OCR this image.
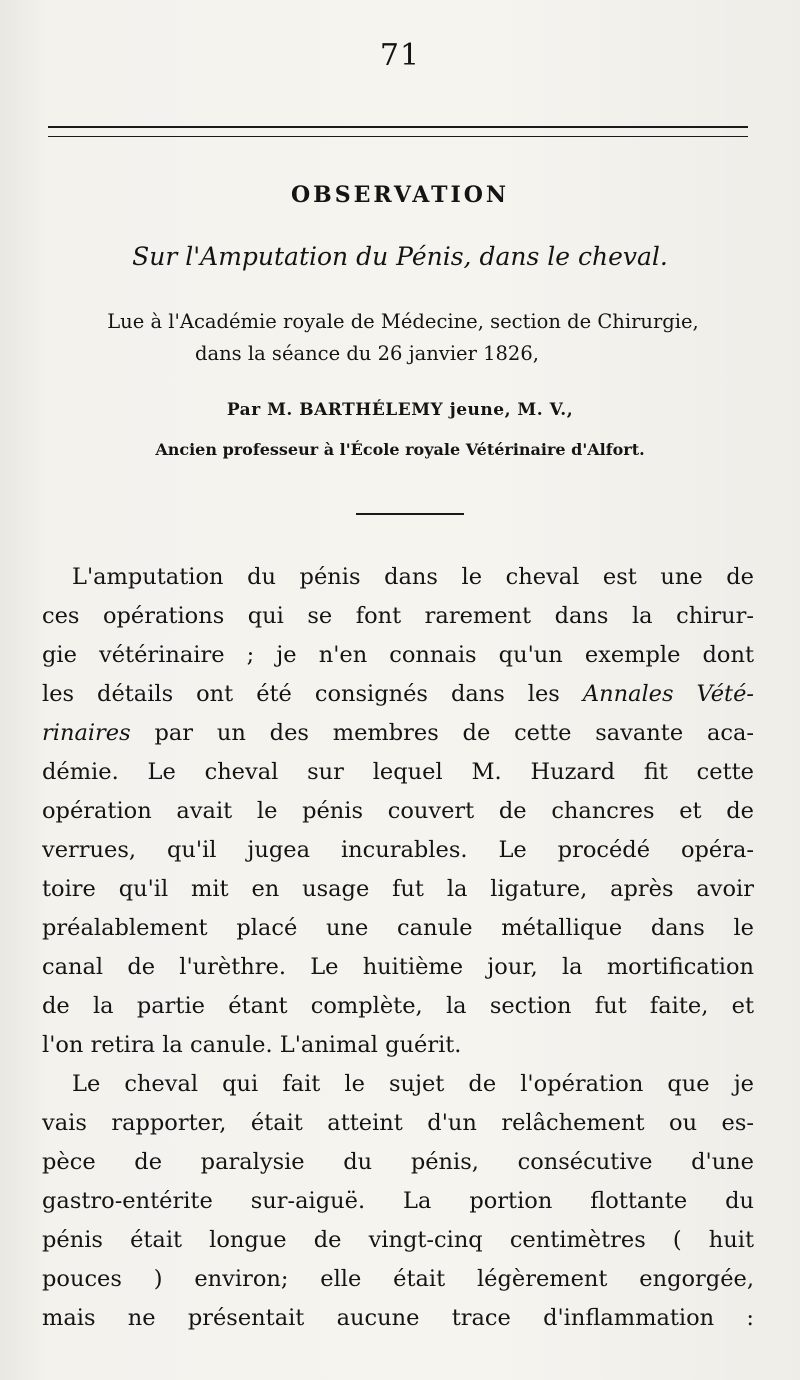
71
OBSERVATION
Sur l'Amputation du Pénis, dans le cheval.
Lue à l'Académie royale de Médecine, section de Chirurgie,
dans la séance du 26 janvier 1826,
Par M. BARTHÉLEMY jeune, M. V.,
Ancien professeur à l'École royale Vétérinaire d'Alfort.
L'amputation du pénis dans le cheval est une de
ces opérations qui se font rarement dans la chirur-
gie vétérinaire ; je n'en connais qu'un exemple dont
les détails ont été consignés dans les Annales Vété-
rinaires par un des membres de cette savante aca-
démie. Le cheval sur lequel M. Huzard fit cette
opération avait le pénis couvert de chancres et de
verrues, qu'il jugea incurables. Le procédé opéra-
toire qu'il mit en usage fut la ligature, après avoir
préalablement placé une canule métallique dans le
canal de l'urèthre. Le huitième jour, la mortification
de la partie étant complète, la section fut faite, et
l'on retira la canule. L'animal guérit.
Le cheval qui fait le sujet de l'opération que je
vais rapporter, était atteint d'un relâchement ou es-
pèce de paralysie du pénis, consécutive d'une
gastro-entérite sur-aiguë. La portion flottante du
pénis était longue de vingt-cinq centimètres ( huit
pouces ) environ; elle était légèrement engorgée,
mais ne présentait aucune trace d'inflammation :
